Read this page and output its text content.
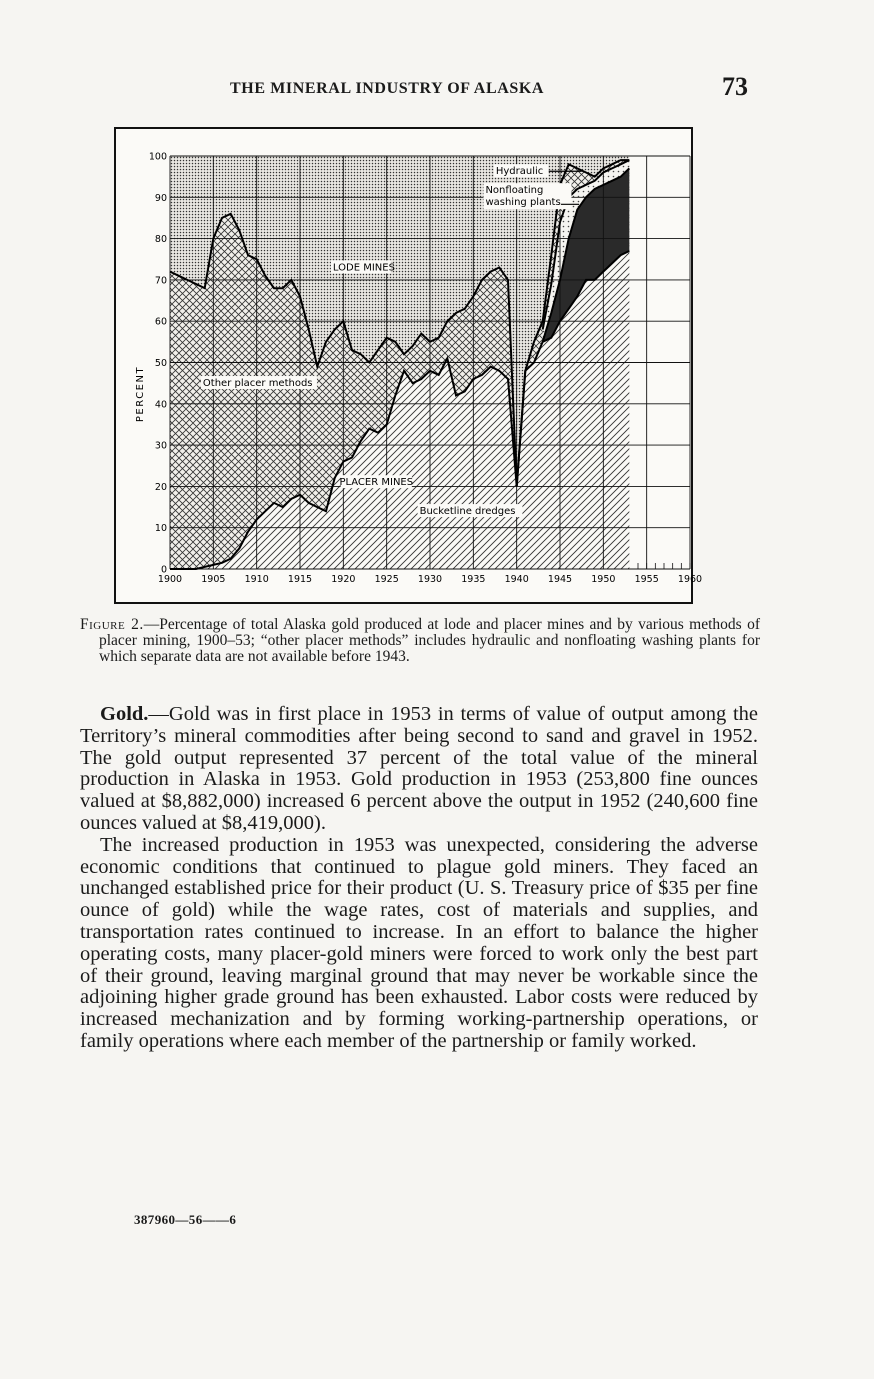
THE MINERAL INDUSTRY OF ALASKA	73
1900 1905 1910 1915 1920 1925 1930 1935 1940 1945 1950 1955 1960
0
10
20
30
40
50
60
70
80
90
100
PERCENT
LODE MINES
Other placer methods
PLACER MINES
Bucketline dredges
Hydraulic
Nonfloating
washing plants

Figure 2.—Percentage of total Alaska gold produced at lode and placer mines and by various methods of placer mining, 1900–53; “other placer methods” includes hydraulic and nonfloating washing plants for which separate data are not available before 1943.

Gold.—Gold was in first place in 1953 in terms of value of output among the Territory’s mineral commodities after being second to sand and gravel in 1952. The gold output represented 37 percent of the total value of the mineral production in Alaska in 1953. Gold production in 1953 (253,800 fine ounces valued at $8,882,000) increased 6 percent above the output in 1952 (240,600 fine ounces valued at $8,419,000).

The increased production in 1953 was unexpected, considering the adverse economic conditions that continued to plague gold miners. They faced an unchanged established price for their product (U. S. Treasury price of $35 per fine ounce of gold) while the wage rates, cost of materials and supplies, and transportation rates continued to increase. In an effort to balance the higher operating costs, many placer-gold miners were forced to work only the best part of their ground, leaving marginal ground that may never be workable since the adjoining higher grade ground has been exhausted. Labor costs were reduced by increased mechanization and by forming working-partnership operations, or family operations where each member of the partnership or family worked.

387960—56——6
